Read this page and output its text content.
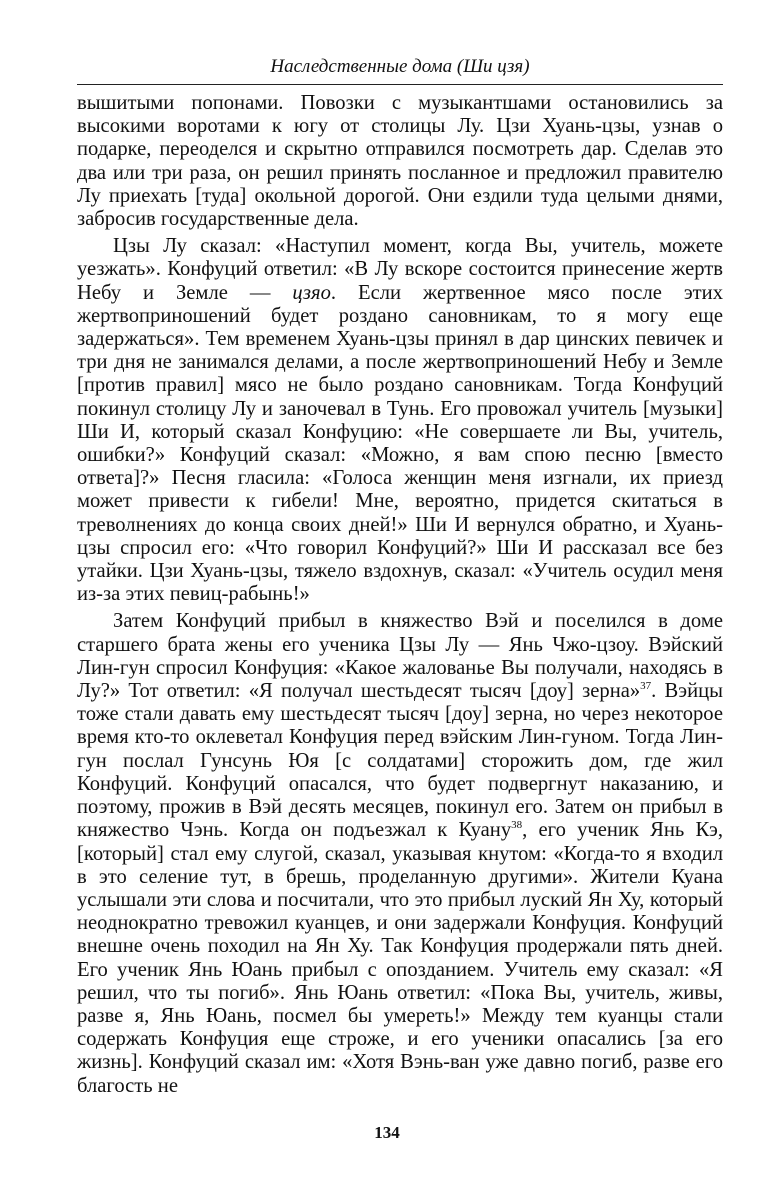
Наследственные дома (Ши цзя)

вышитыми попонами. Повозки с музыкантшами остановились за высокими воротами к югу от столицы Лу. Цзи Хуань-цзы, узнав о подарке, переоделся и скрытно отправился посмотреть дар. Сделав это два или три раза, он решил принять посланное и предложил правителю Лу приехать [туда] окольной дорогой. Они ездили туда целыми днями, забросив государственные дела.

Цзы Лу сказал: «Наступил момент, когда Вы, учитель, можете уезжать». Конфуций ответил: «В Лу вскоре состоится принесение жертв Небу и Земле — цзяо. Если жертвенное мясо после этих жертвоприношений будет роздано сановникам, то я могу еще задержаться». Тем временем Хуань-цзы принял в дар цинских певичек и три дня не занимался делами, а после жертвоприношений Небу и Земле [против правил] мясо не было роздано сановникам. Тогда Конфуций покинул столицу Лу и заночевал в Тунь. Его провожал учитель [музыки] Ши И, который сказал Конфуцию: «Не совершаете ли Вы, учитель, ошибки?» Конфуций сказал: «Можно, я вам спою песню [вместо ответа]?» Песня гласила: «Голоса женщин меня изгнали, их приезд может привести к гибели! Мне, вероятно, придется скитаться в треволнениях до конца своих дней!» Ши И вернулся обратно, и Хуань-цзы спросил его: «Что говорил Конфуций?» Ши И рассказал все без утайки. Цзи Хуань-цзы, тяжело вздохнув, сказал: «Учитель осудил меня из-за этих певиц-рабынь!»

Затем Конфуций прибыл в княжество Вэй и поселился в доме старшего брата жены его ученика Цзы Лу — Янь Чжо-цзоу. Вэйский Лин-гун спросил Конфуция: «Какое жалованье Вы получали, находясь в Лу?» Тот ответил: «Я получал шестьдесят тысяч [доу] зерна»$^{37}$. Вэйцы тоже стали давать ему шестьдесят тысяч [доу] зерна, но через некоторое время кто-то оклеветал Конфуция перед вэйским Лин-гуном. Тогда Лин-гун послал Гунсунь Юя [с солдатами] сторожить дом, где жил Конфуций. Конфуций опасался, что будет подвергнут наказанию, и поэтому, прожив в Вэй десять месяцев, покинул его. Затем он прибыл в княжество Чэнь. Когда он подъезжал к Куану$^{38}$, его ученик Янь Кэ, [который] стал ему слугой, сказал, указывая кнутом: «Когда-то я входил в это селение тут, в брешь, проделанную другими». Жители Куана услышали эти слова и посчитали, что это прибыл луский Ян Ху, который неоднократно тревожил куанцев, и они задержали Конфуция. Конфуций внешне очень походил на Ян Ху. Так Конфуция продержали пять дней. Его ученик Янь Юань прибыл с опозданием. Учитель ему сказал: «Я решил, что ты погиб». Янь Юань ответил: «Пока Вы, учитель, живы, разве я, Янь Юань, посмел бы умереть!» Между тем куанцы стали содержать Конфуция еще строже, и его ученики опасались [за его жизнь]. Конфуций сказал им: «Хотя Вэнь-ван уже давно погиб, разве его благость не

134
